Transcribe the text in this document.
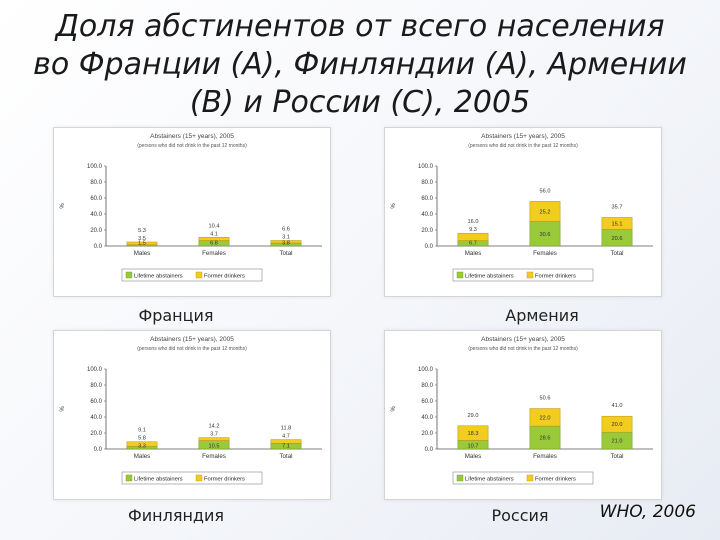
Доля абстинентов от всего населения
во Франции (А), Финляндии (А), Армении
(B) и России (С), 2005
Abstainers (15+ years), 2005
(persons who did not drink in the past 12 months)
%
100.0
80.0
60.0
40.0
20.0
0.0
1.5
3.5
5.3
Males
6.8
4.1
10.4
Females
3.8
3.1
6.6
Total
Lifetime abstainers	Former drinkers
Abstainers (15+ years), 2005
(persons who did not drink in the past 12 months)
%
100.0
80.0
60.0
40.0
20.0
0.0
6.7
9.3
16.0
Males
30.6
25.2
56.0
Females
20.6
15.1
35.7
Total
Lifetime abstainers	Former drinkers
Abstainers (15+ years), 2005
(persons who did not drink in the past 12 months)
%
100.0
80.0
60.0
40.0
20.0
0.0
3.3
5.8
9.1
Males
10.5
3.7
14.2
Females
7.1
4.7
11.8
Total
Lifetime abstainers	Former drinkers
Abstainers (15+ years), 2005
(persons who did not drink in the past 12 months)
%
100.0
80.0
60.0
40.0
20.0
0.0
10.7
18.3
29.0
Males
28.6
22.0
50.6
Females
21.0
20.0
41.0
Total
Lifetime abstainers	Former drinkers
Франция	Армения
Финляндия	Россия	WHO, 2006
